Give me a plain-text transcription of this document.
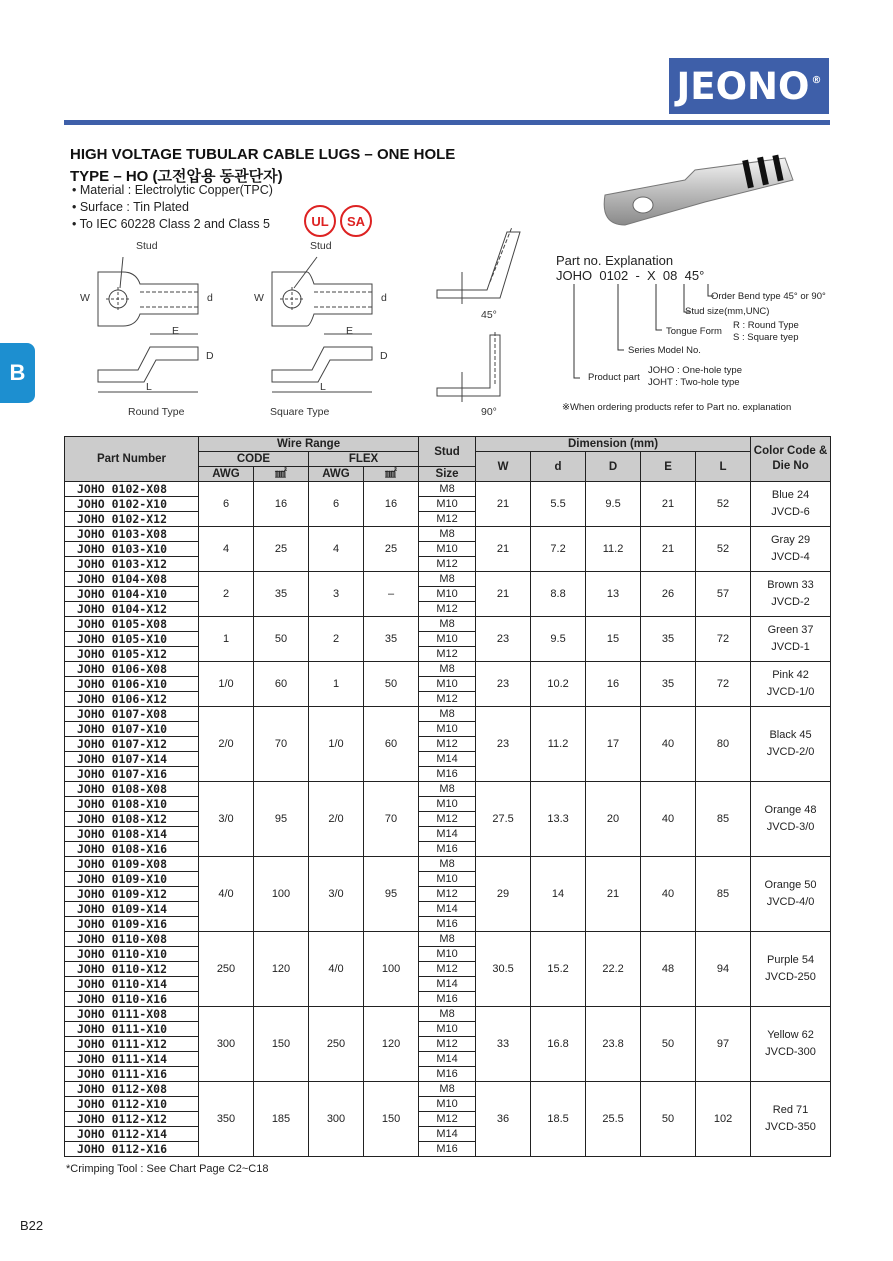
JEONO®
B
HIGH VOLTAGE TUBULAR CABLE LUGS – ONE HOLE
TYPE – HO (고전압용 동관단자)
• Material : Electrolytic Copper(TPC)
• Surface : Tin Plated
• To IEC 60228 Class 2 and Class 5	UL	SA
Stud	Stud
W	d
E
D
L
Round Type
W	d
E
D
L
Square Type
45°
90°
Part no. Explanation
JOHO  0102  -  X  08  45°
Order Bend type 45° or 90°
Stud size(mm,UNC)
Tongue Form
R : Round Type
S : Square tyep
Series Model No.
Product part
JOHO : One-hole type
JOHT : Two-hole type
※When ordering products refer to Part no. explanation
Part Number	Wire Range				Stud	Dimension (mm)					Color Code & Die No
	CODE		FLEX			W	d	D	E	L	
	AWG	㎟	AWG	㎟	Size						
JOHO 0102-X08	6	16	6	16	M8	21	5.5	9.5	21	52	Blue 24
JVCD-6

JOHO 0102-X10					M10						
JOHO 0102-X12					M12						
JOHO 0103-X08	4	25	4	25	M8	21	7.2	11.2	21	52	Gray 29
JVCD-4

JOHO 0103-X10					M10						
JOHO 0103-X12					M12						
JOHO 0104-X08	2	35	3	–	M8	21	8.8	13	26	57	Brown 33
JVCD-2

JOHO 0104-X10					M10						
JOHO 0104-X12					M12						
JOHO 0105-X08	1	50	2	35	M8	23	9.5	15	35	72	Green 37
JVCD-1

JOHO 0105-X10					M10						
JOHO 0105-X12					M12						
JOHO 0106-X08	1/0	60	1	50	M8	23	10.2	16	35	72	Pink 42
JVCD-1/0

JOHO 0106-X10					M10						
JOHO 0106-X12					M12						
JOHO 0107-X08	2/0	70	1/0	60	M8	23	11.2	17	40	80	Black 45
JVCD-2/0

JOHO 0107-X10					M10						
JOHO 0107-X12					M12						
JOHO 0107-X14					M14						
JOHO 0107-X16					M16						
JOHO 0108-X08	3/0	95	2/0	70	M8	27.5	13.3	20	40	85	Orange 48
JVCD-3/0

JOHO 0108-X10					M10						
JOHO 0108-X12					M12						
JOHO 0108-X14					M14						
JOHO 0108-X16					M16						
JOHO 0109-X08	4/0	100	3/0	95	M8	29	14	21	40	85	Orange 50
JVCD-4/0

JOHO 0109-X10					M10						
JOHO 0109-X12					M12						
JOHO 0109-X14					M14						
JOHO 0109-X16					M16						
JOHO 0110-X08	250	120	4/0	100	M8	30.5	15.2	22.2	48	94	Purple 54
JVCD-250

JOHO 0110-X10					M10						
JOHO 0110-X12					M12						
JOHO 0110-X14					M14						
JOHO 0110-X16					M16						
JOHO 0111-X08	300	150	250	120	M8	33	16.8	23.8	50	97	Yellow 62
JVCD-300

JOHO 0111-X10					M10						
JOHO 0111-X12					M12						
JOHO 0111-X14					M14						
JOHO 0111-X16					M16						
JOHO 0112-X08	350	185	300	150	M8	36	18.5	25.5	50	102	Red 71
JVCD-350

JOHO 0112-X10					M10						
JOHO 0112-X12					M12						
JOHO 0112-X14					M14						
JOHO 0112-X16					M16						
*Crimping Tool : See Chart Page C2~C18
B22
